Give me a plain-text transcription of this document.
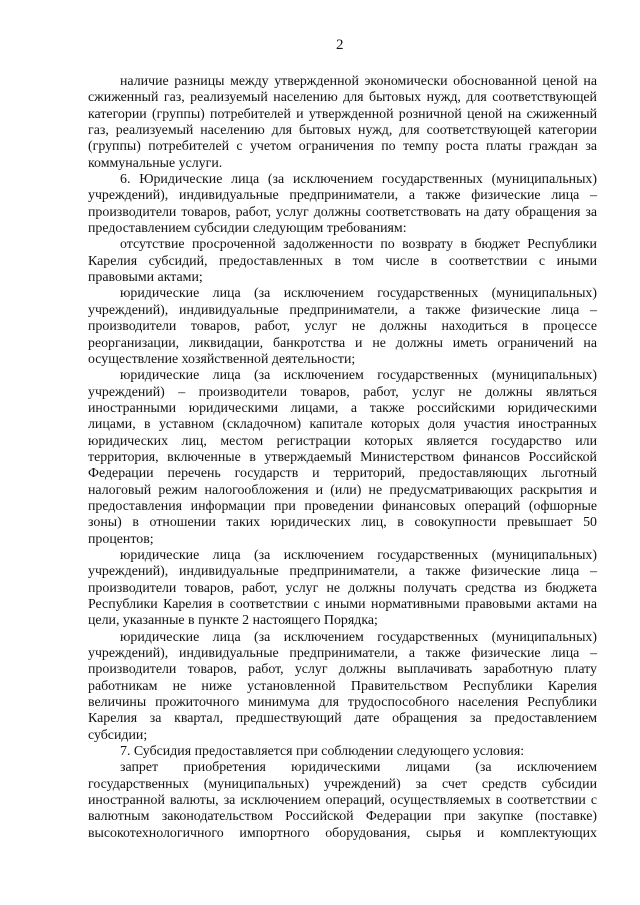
2
наличие разницы между утвержденной экономически обоснованной ценой на
сжиженный газ, реализуемый населению для бытовых нужд, для соответствующей
категории (группы) потребителей и утвержденной розничной ценой на сжиженный
газ, реализуемый населению для бытовых нужд, для соответствующей категории
(группы) потребителей с учетом ограничения по темпу роста платы граждан за
коммунальные услуги.
6. Юридические лица (за исключением государственных (муниципальных)
учреждений), индивидуальные предприниматели, а также физические лица –
производители товаров, работ, услуг должны соответствовать на дату обращения за
предоставлением субсидии следующим требованиям:
отсутствие просроченной задолженности по возврату в бюджет Республики
Карелия субсидий, предоставленных в том числе в соответствии с иными
правовыми актами;
юридические лица (за исключением государственных (муниципальных)
учреждений), индивидуальные предприниматели, а также физические лица –
производители товаров, работ, услуг не должны находиться в процессе
реорганизации, ликвидации, банкротства и не должны иметь ограничений на
осуществление хозяйственной деятельности;
юридические лица (за исключением государственных (муниципальных)
учреждений) – производители товаров, работ, услуг не должны являться
иностранными юридическими лицами, а также российскими юридическими
лицами, в уставном (складочном) капитале которых доля участия иностранных
юридических лиц, местом регистрации которых является государство или
территория, включенные в утверждаемый Министерством финансов Российской
Федерации перечень государств и территорий, предоставляющих льготный
налоговый режим налогообложения и (или) не предусматривающих раскрытия и
предоставления информации при проведении финансовых операций (офшорные
зоны) в отношении таких юридических лиц, в совокупности превышает 50
процентов;
юридические лица (за исключением государственных (муниципальных)
учреждений), индивидуальные предприниматели, а также физические лица –
производители товаров, работ, услуг не должны получать средства из бюджета
Республики Карелия в соответствии с иными нормативными правовыми актами на
цели, указанные в пункте 2 настоящего Порядка;
юридические лица (за исключением государственных (муниципальных)
учреждений), индивидуальные предприниматели, а также физические лица –
производители товаров, работ, услуг должны выплачивать заработную плату
работникам не ниже установленной Правительством Республики Карелия
величины прожиточного минимума для трудоспособного населения Республики
Карелия за квартал, предшествующий дате обращения за предоставлением
субсидии;
7. Субсидия предоставляется при соблюдении следующего условия:
запрет приобретения юридическими лицами (за исключением
государственных (муниципальных) учреждений) за счет средств субсидии
иностранной валюты, за исключением операций, осуществляемых в соответствии с
валютным законодательством Российской Федерации при закупке (поставке)
высокотехнологичного импортного оборудования, сырья и комплектующих
